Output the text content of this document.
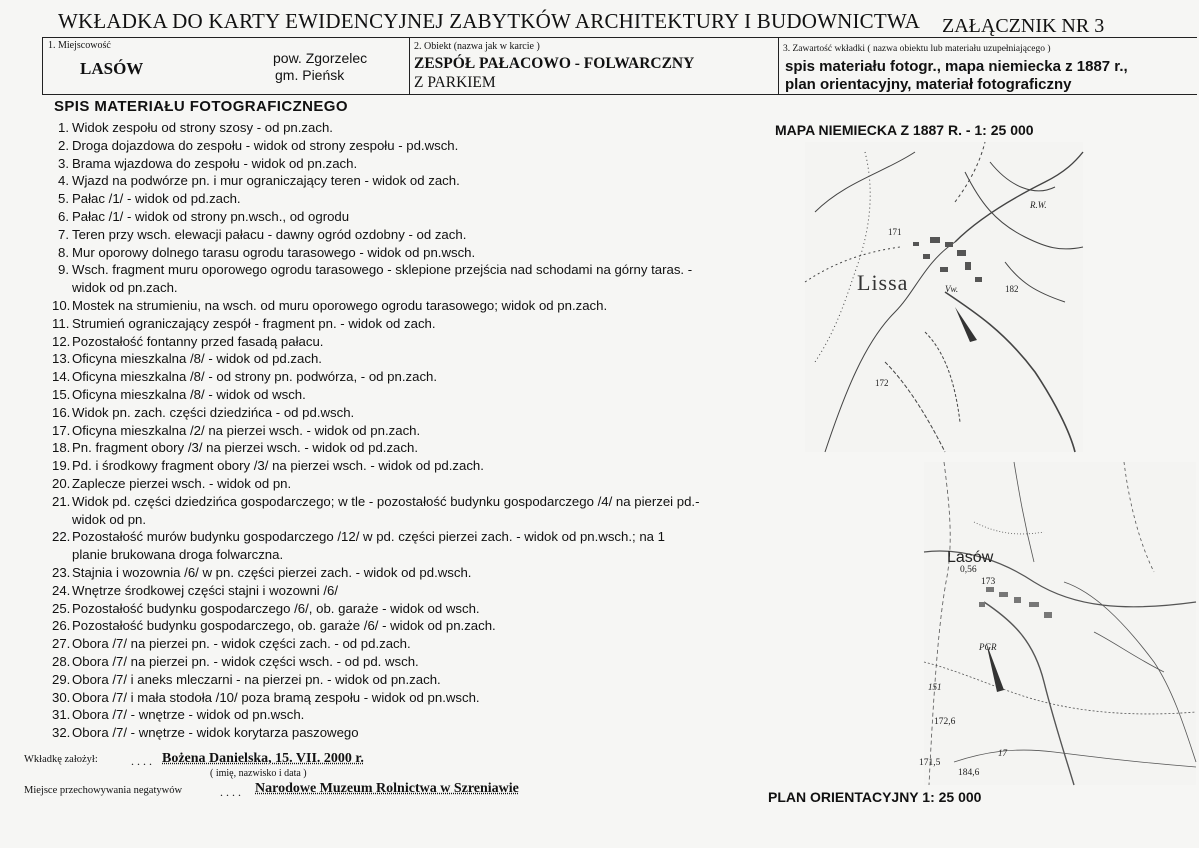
WKŁADKA DO KARTY EWIDENCYJNEJ ZABYTKÓW ARCHITEKTURY I BUDOWNICTWA ZAŁĄCZNIK NR 3
1. Miejscowość
LASÓW
pow. Zgorzelec
gm. Pieńsk
2. Obiekt (nazwa jak w karcie )
ZESPÓŁ PAŁACOWO - FOLWARCZNY
Z PARKIEM
3. Zawartość wkładki ( nazwa obiektu lub materiału uzupełniającego )
spis materiału fotogr., mapa niemiecka z 1887 r.,
plan orientacyjny, materiał fotograficzny
SPIS MATERIAŁU FOTOGRAFICZNEGO
1. Widok zespołu od strony szosy - od pn.zach.
2. Droga dojazdowa do zespołu - widok od strony zespołu - pd.wsch.
3. Brama wjazdowa do zespołu - widok od pn.zach.
4. Wjazd na podwórze pn. i mur ograniczający teren - widok od zach.
5. Pałac /1/ - widok od pd.zach.
6. Pałac /1/ - widok od strony pn.wsch., od ogrodu
7. Teren przy wsch. elewacji pałacu - dawny ogród ozdobny - od zach.
8. Mur oporowy dolnego tarasu ogrodu tarasowego - widok od pn.wsch.
9. Wsch. fragment muru oporowego ogrodu tarasowego - sklepione przejścia nad schodami na górny taras. -
widok od pn.zach.
10. Mostek na strumieniu, na wsch. od muru oporowego ogrodu tarasowego; widok od pn.zach.
11. Strumień ograniczający zespół - fragment pn. - widok od zach.
12. Pozostałość fontanny przed fasadą pałacu.
13. Oficyna mieszkalna /8/ - widok od pd.zach.
14. Oficyna mieszkalna /8/ - od strony pn. podwórza, - od pn.zach.
15. Oficyna mieszkalna /8/ - widok od wsch.
16. Widok pn. zach. części dziedzińca - od pd.wsch.
17. Oficyna mieszkalna /2/ na pierzei wsch. - widok od pn.zach.
18. Pn. fragment obory /3/ na pierzei wsch. - widok od pd.zach.
19. Pd. i środkowy fragment obory /3/ na pierzei wsch. - widok od pd.zach.
20. Zaplecze pierzei wsch. - widok od pn.
21. Widok pd. części dziedzińca gospodarczego; w tle - pozostałość budynku gospodarczego /4/ na pierzei pd.-
widok od pn.
22. Pozostałość murów budynku gospodarczego /12/ w pd. części pierzei zach. - widok od pn.wsch.; na 1
planie brukowana droga folwarczna.
23. Stajnia i wozownia /6/ w pn. części pierzei zach. - widok od pd.wsch.
24. Wnętrze środkowej części stajni i wozowni /6/
25. Pozostałość budynku gospodarczego /6/, ob. garaże - widok od wsch.
26. Pozostałość budynku gospodarczego, ob. garaże /6/ - widok od pn.zach.
27. Obora /7/ na pierzei pn. - widok części zach. - od pd.zach.
28. Obora /7/ na pierzei pn. - widok części wsch. - od pd. wsch.
29. Obora /7/ i aneks mleczarni - na pierzei pn. - widok od pn.zach.
30. Obora /7/ i mała stodoła /10/ poza bramą zespołu - widok od pn.wsch.
31. Obora /7/ - wnętrze - widok od pn.wsch.
32. Obora /7/ - wnętrze - widok korytarza paszowego
Wkładkę założył:	. . . . Bożena Danielska, 15. VII. 2000 r.
( imię, nazwisko i data )
Miejsce przechowywania negatywów	. . . . Narodowe Muzeum Rolnictwa w Szreniawie
MAPA NIEMIECKA Z 1887 R. - 1: 25 000
Lissa
171
172
182
R.W.
Vw.
Lasów
0,56
173
PGR
172,6
171,5
184,6
151
17
PLAN ORIENTACYJNY 1: 25 000
